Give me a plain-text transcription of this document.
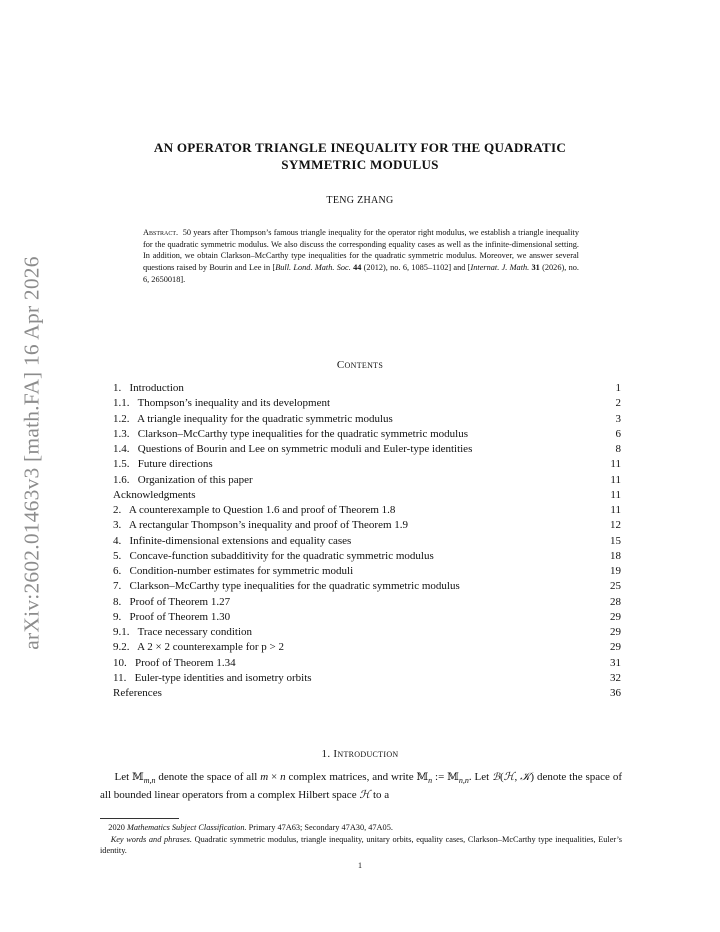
arXiv:2602.01463v3 [math.FA] 16 Apr 2026
AN OPERATOR TRIANGLE INEQUALITY FOR THE QUADRATIC
SYMMETRIC MODULUS
TENG ZHANG
Abstract. 50 years after Thompson’s famous triangle inequality for the operator right modulus, we establish a triangle inequality for the quadratic symmetric modulus. We also discuss the corresponding equality cases as well as the infinite-dimensional setting. In addition, we obtain Clarkson–McCarthy type inequalities for the quadratic symmetric modulus. Moreover, we answer several questions raised by Bourin and Lee in [Bull. Lond. Math. Soc. 44 (2012), no. 6, 1085–1102] and [Internat. J. Math. 31 (2026), no. 6, 2650018].
Contents
1.  Introduction	1
1.1.  Thompson’s inequality and its development	2
1.2.  A triangle inequality for the quadratic symmetric modulus	3
1.3.  Clarkson–McCarthy type inequalities for the quadratic symmetric modulus	6
1.4.  Questions of Bourin and Lee on symmetric moduli and Euler-type identities	8
1.5.  Future directions	11
1.6.  Organization of this paper	11
Acknowledgments	11
2.  A counterexample to Question 1.6 and proof of Theorem 1.8	11
3.  A rectangular Thompson’s inequality and proof of Theorem 1.9	12
4.  Infinite-dimensional extensions and equality cases	15
5.  Concave-function subadditivity for the quadratic symmetric modulus	18
6.  Condition-number estimates for symmetric moduli	19
7.  Clarkson–McCarthy type inequalities for the quadratic symmetric modulus	25
8.  Proof of Theorem 1.27	28
9.  Proof of Theorem 1.30	29
9.1.  Trace necessary condition	29
9.2.  A 2 × 2 counterexample for p > 2	29
10.  Proof of Theorem 1.34	31
11.  Euler-type identities and isometry orbits	32
References	36
1. Introduction
Let 𝕄$_{m,n}$ denote the space of all m × n complex matrices, and write 𝕄$_n$ := 𝕄$_{n,n}$. Let ℬ(ℋ, 𝒦) denote the space of all bounded linear operators from a complex Hilbert space ℋ to a
2020 Mathematics Subject Classification. Primary 47A63; Secondary 47A30, 47A05.
Key words and phrases. Quadratic symmetric modulus, triangle inequality, unitary orbits, equality cases, Clarkson–McCarthy type inequalities, Euler’s identity.
1
